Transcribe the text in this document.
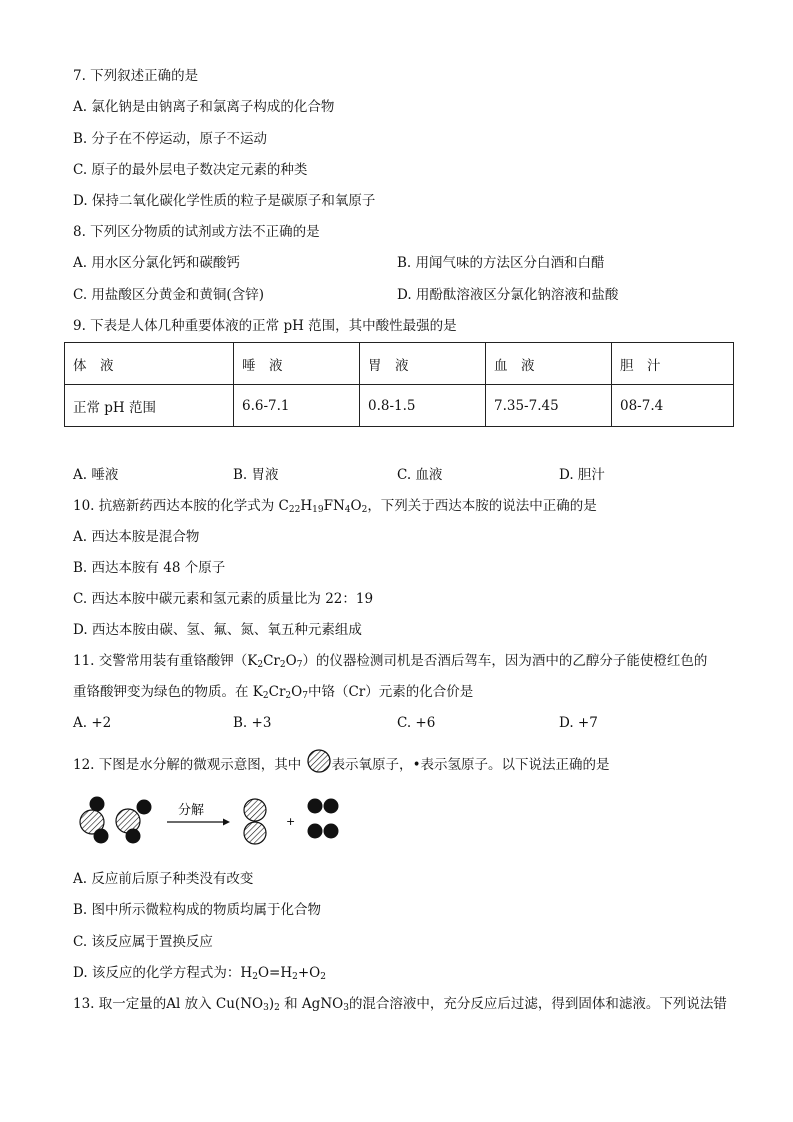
7. 下列叙述正确的是
A. 氯化钠是由钠离子和氯离子构成的化合物
B. 分子在不停运动，原子不运动
C. 原子的最外层电子数决定元素的种类
D. 保持二氧化碳化学性质的粒子是碳原子和氧原子
8. 下列区分物质的试剂或方法不正确的是
A. 用水区分氯化钙和碳酸钙	B. 用闻气味的方法区分白酒和白醋
C. 用盐酸区分黄金和黄铜(含锌)	D. 用酚酞溶液区分氯化钠溶液和盐酸
9. 下表是人体几种重要体液的正常 pH 范围，其中酸性最强的是
体　液	唾　液	胃　液	血　液	胆　汁
正常 pH 范围	6.6-7.1	0.8-1.5	7.35-7.45	08-7.4
A. 唾液	B. 胃液	C. 血液	D. 胆汁
10. 抗癌新药西达本胺的化学式为 $C_{22}H_{19}FN_4O_2$，下列关于西达本胺的说法中正确的是
A. 西达本胺是混合物
B. 西达本胺有 48 个原子
C. 西达本胺中碳元素和氢元素的质量比为 22：19
D. 西达本胺由碳、氢、氟、氮、氧五种元素组成
11. 交警常用装有重铬酸钾$(K_2Cr_2O_7)$的仪器检测司机是否酒后驾车，因为酒中的乙醇分子能使橙红色的
重铬酸钾变为绿色的物质。在 $K_2Cr_2O_7$中铬（Cr）元素的化合价是
A. +2	B. +3	C. +6	D. +7
12. 下图是水分解的微观示意图，其中 表示氧原子，•表示氢原子。以下说法正确的是
分解
+
A. 反应前后原子种类没有改变
B. 图中所示微粒构成的物质均属于化合物
C. 该反应属于置换反应
D. 该反应的化学方程式为：$H_2O=H_2+O_2$
13. 取一定量的Al 放入 $Cu(NO_3)_2$ 和 AgNO$_3$的混合溶液中，充分反应后过滤，得到固体和滤液。下列说法错
